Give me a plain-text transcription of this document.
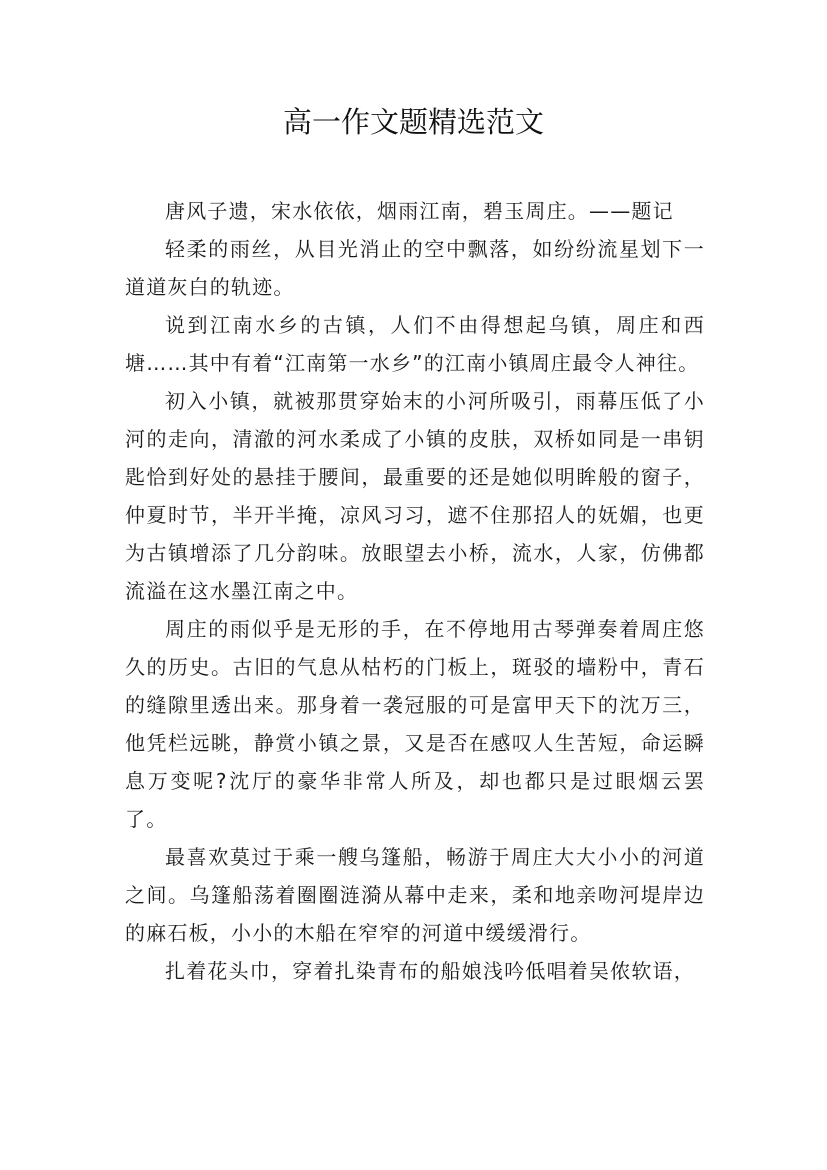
高一作文题精选范文

唐风子遗，宋水依依，烟雨江南，碧玉周庄。——题记

轻柔的雨丝，从目光消止的空中飘落，如纷纷流星划下一道道灰白的轨迹。

说到江南水乡的古镇，人们不由得想起乌镇，周庄和西塘……其中有着“江南第一水乡”的江南小镇周庄最令人神往。

初入小镇，就被那贯穿始末的小河所吸引，雨幕压低了小河的走向，清澈的河水柔成了小镇的皮肤，双桥如同是一串钥匙恰到好处的悬挂于腰间，最重要的还是她似明眸般的窗子，仲夏时节，半开半掩，凉风习习，遮不住那招人的妩媚，也更为古镇增添了几分韵味。放眼望去小桥，流水，人家，仿佛都流溢在这水墨江南之中。

周庄的雨似乎是无形的手，在不停地用古琴弹奏着周庄悠久的历史。古旧的气息从枯朽的门板上，斑驳的墙粉中，青石的缝隙里透出来。那身着一袭冠服的可是富甲天下的沈万三，他凭栏远眺，静赏小镇之景，又是否在感叹人生苦短，命运瞬息万变呢?沈厅的豪华非常人所及，却也都只是过眼烟云罢了。

最喜欢莫过于乘一艘乌篷船，畅游于周庄大大小小的河道之间。乌篷船荡着圈圈涟漪从幕中走来，柔和地亲吻河堤岸边的麻石板，小小的木船在窄窄的河道中缓缓滑行。

扎着花头巾，穿着扎染青布的船娘浅吟低唱着吴侬软语，
